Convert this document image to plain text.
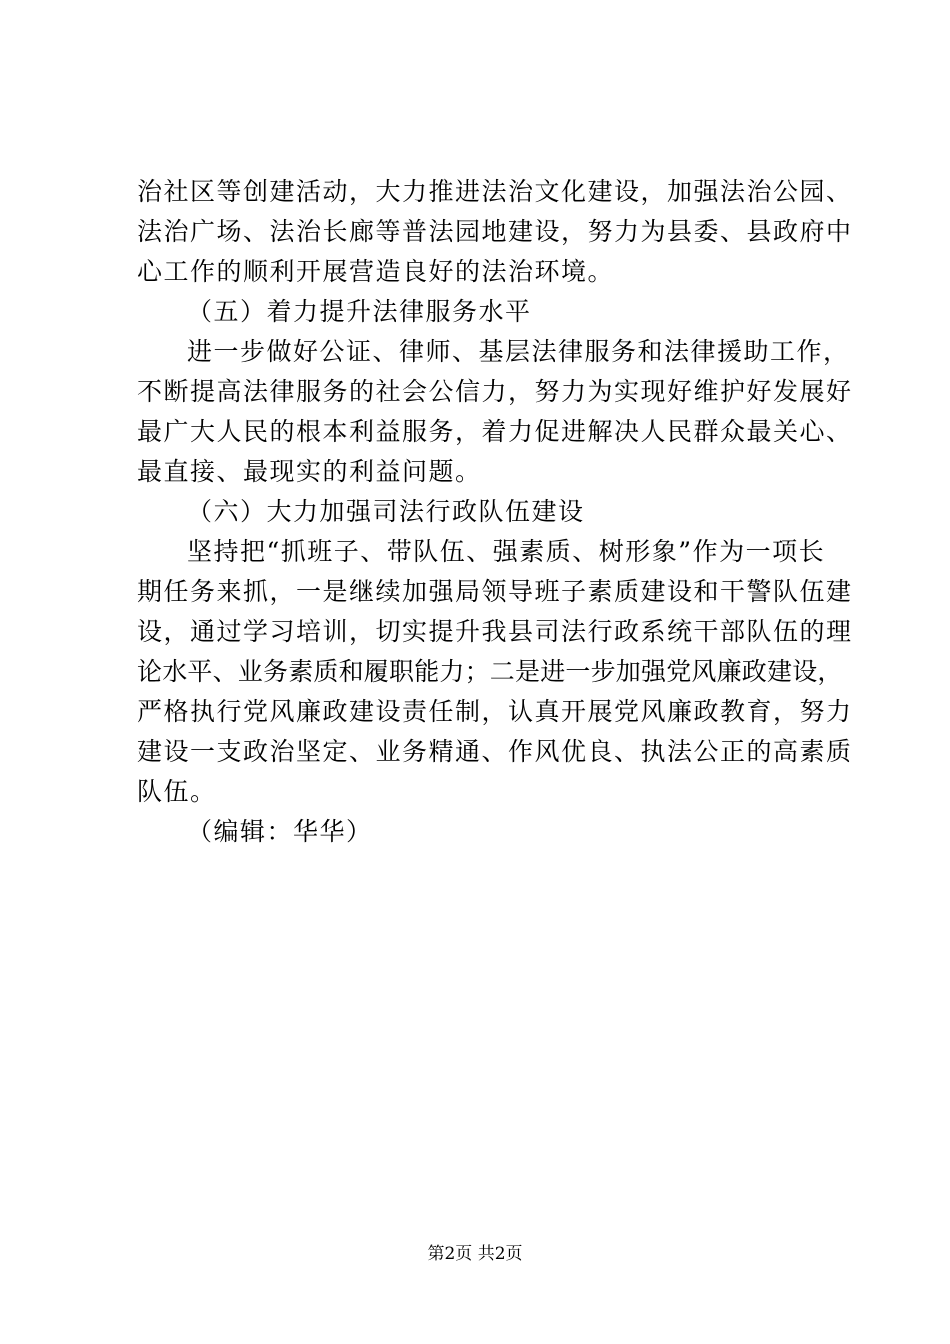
治社区等创建活动，大力推进法治文化建设，加强法治公园、
法治广场、法治长廊等普法园地建设，努力为县委、县政府中
心工作的顺利开展营造良好的法治环境。
（五）着力提升法律服务水平
进一步做好公证、律师、基层法律服务和法律援助工作，
不断提高法律服务的社会公信力，努力为实现好维护好发展好
最广大人民的根本利益服务，着力促进解决人民群众最关心、
最直接、最现实的利益问题。
（六）大力加强司法行政队伍建设
坚持把“抓班子、带队伍、强素质、树形象”作为一项长
期任务来抓，一是继续加强局领导班子素质建设和干警队伍建
设，通过学习培训，切实提升我县司法行政系统干部队伍的理
论水平、业务素质和履职能力；二是进一步加强党风廉政建设，
严格执行党风廉政建设责任制，认真开展党风廉政教育，努力
建设一支政治坚定、业务精通、作风优良、执法公正的高素质
队伍。
（编辑：华华）
第2页 共2页
